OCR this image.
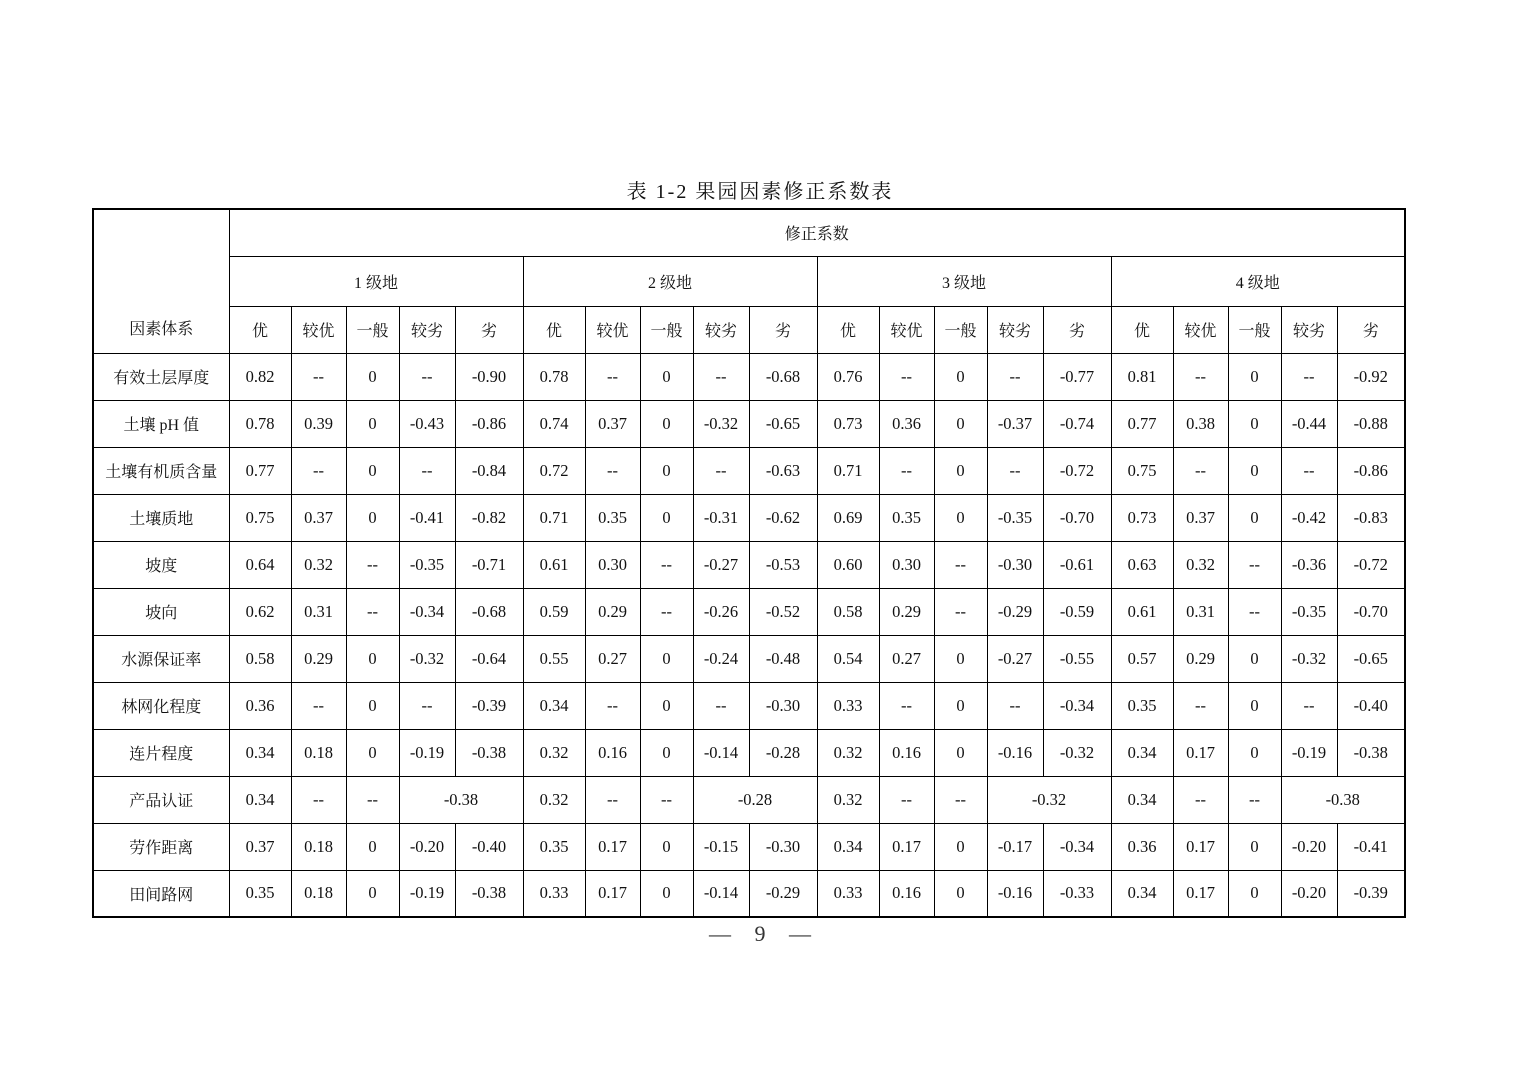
表 1-2 果园因素修正系数表
因素体系	修正系数																			
	1 级地					2 级地					3 级地					4 级地				
	优	较优	一般	较劣	劣	优	较优	一般	较劣	劣	优	较优	一般	较劣	劣	优	较优	一般	较劣	劣
有效土层厚度	0.82	--	0	--	-0.90	0.78	--	0	--	-0.68	0.76	--	0	--	-0.77	0.81	--	0	--	-0.92
土壤 pH 值	0.78	0.39	0	-0.43	-0.86	0.74	0.37	0	-0.32	-0.65	0.73	0.36	0	-0.37	-0.74	0.77	0.38	0	-0.44	-0.88
土壤有机质含量	0.77	--	0	--	-0.84	0.72	--	0	--	-0.63	0.71	--	0	--	-0.72	0.75	--	0	--	-0.86
土壤质地	0.75	0.37	0	-0.41	-0.82	0.71	0.35	0	-0.31	-0.62	0.69	0.35	0	-0.35	-0.70	0.73	0.37	0	-0.42	-0.83
坡度	0.64	0.32	--	-0.35	-0.71	0.61	0.30	--	-0.27	-0.53	0.60	0.30	--	-0.30	-0.61	0.63	0.32	--	-0.36	-0.72
坡向	0.62	0.31	--	-0.34	-0.68	0.59	0.29	--	-0.26	-0.52	0.58	0.29	--	-0.29	-0.59	0.61	0.31	--	-0.35	-0.70
水源保证率	0.58	0.29	0	-0.32	-0.64	0.55	0.27	0	-0.24	-0.48	0.54	0.27	0	-0.27	-0.55	0.57	0.29	0	-0.32	-0.65
林网化程度	0.36	--	0	--	-0.39	0.34	--	0	--	-0.30	0.33	--	0	--	-0.34	0.35	--	0	--	-0.40
连片程度	0.34	0.18	0	-0.19	-0.38	0.32	0.16	0	-0.14	-0.28	0.32	0.16	0	-0.16	-0.32	0.34	0.17	0	-0.19	-0.38
产品认证	0.34	--	--	-0.38		0.32	--	--	-0.28		0.32	--	--	-0.32		0.34	--	--	-0.38	
劳作距离	0.37	0.18	0	-0.20	-0.40	0.35	0.17	0	-0.15	-0.30	0.34	0.17	0	-0.17	-0.34	0.36	0.17	0	-0.20	-0.41
田间路网	0.35	0.18	0	-0.19	-0.38	0.33	0.17	0	-0.14	-0.29	0.33	0.16	0	-0.16	-0.33	0.34	0.17	0	-0.20	-0.39
— 9 —
